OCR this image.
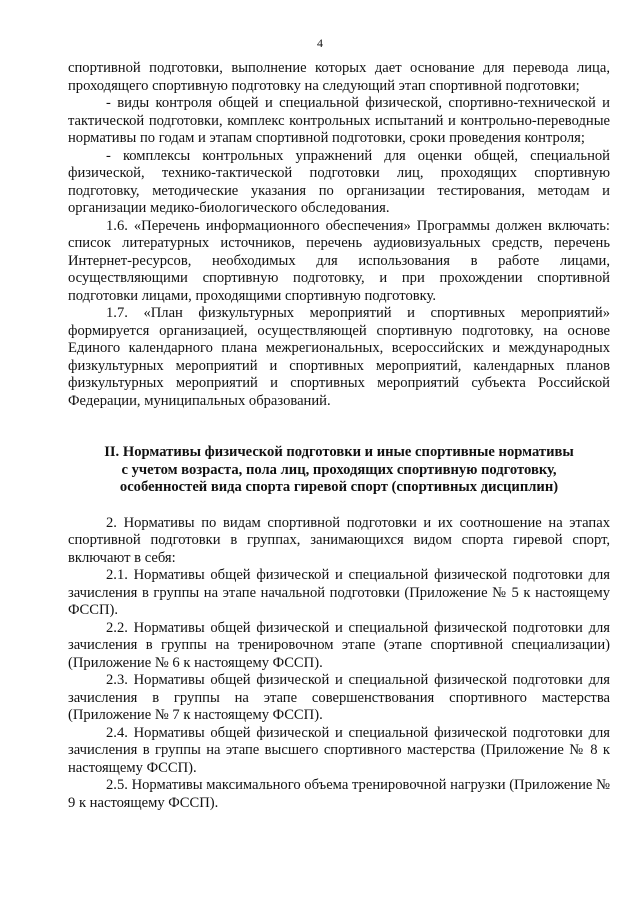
4

спортивной подготовки, выполнение которых дает основание для перевода лица, проходящего спортивную подготовку на следующий этап спортивной подготовки;

- виды контроля общей и специальной физической, спортивно-технической и тактической подготовки, комплекс контрольных испытаний и контрольно-переводные нормативы по годам и этапам спортивной подготовки, сроки проведения контроля;

- комплексы контрольных упражнений для оценки общей, специальной физической, технико-тактической подготовки лиц, проходящих спортивную подготовку, методические указания по организации тестирования, методам и организации медико-биологического обследования.

1.6. «Перечень информационного обеспечения» Программы должен включать: список литературных источников, перечень аудиовизуальных средств, перечень Интернет-ресурсов, необходимых для использования в работе лицами, осуществляющими спортивную подготовку, и при прохождении спортивной подготовки лицами, проходящими спортивную подготовку.

1.7. «План физкультурных мероприятий и спортивных мероприятий» формируется организацией, осуществляющей спортивную подготовку, на основе Единого календарного плана межрегиональных, всероссийских и международных физкультурных мероприятий и спортивных мероприятий, календарных планов физкультурных мероприятий и спортивных мероприятий субъекта Российской Федерации, муниципальных образований.

II. Нормативы физической подготовки и иные спортивные нормативы
с учетом возраста, пола лиц, проходящих спортивную подготовку,
особенностей вида спорта гиревой спорт (спортивных дисциплин)

2. Нормативы по видам спортивной подготовки и их соотношение на этапах спортивной подготовки в группах, занимающихся видом спорта гиревой спорт, включают в себя:

2.1. Нормативы общей физической и специальной физической подготовки для зачисления в группы на этапе начальной подготовки (Приложение № 5 к настоящему ФССП).

2.2. Нормативы общей физической и специальной физической подготовки для зачисления в группы на тренировочном этапе (этапе спортивной специализации) (Приложение № 6 к настоящему ФССП).

2.3. Нормативы общей физической и специальной физической подготовки для зачисления в группы на этапе совершенствования спортивного мастерства (Приложение № 7 к настоящему ФССП).

2.4. Нормативы общей физической и специальной физической подготовки для зачисления в группы на этапе высшего спортивного мастерства (Приложение № 8 к настоящему ФССП).

2.5. Нормативы максимального объема тренировочной нагрузки (Приложение № 9 к настоящему ФССП).
